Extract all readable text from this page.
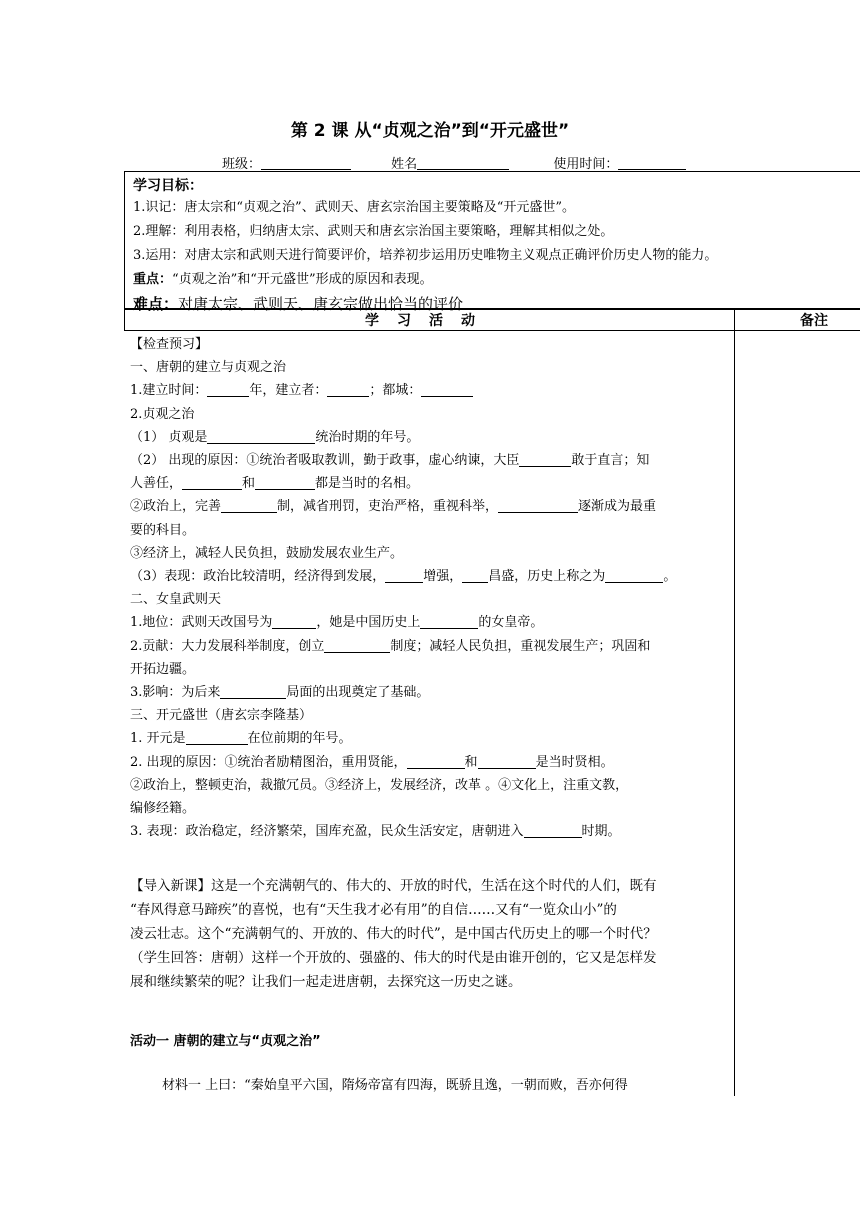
第 2 课 从“贞观之治”到“开元盛世”
班级：	姓名	使用时间：
学习目标：
1.识记：唐太宗和“贞观之治”、武则天、唐玄宗治国主要策略及“开元盛世”。
2.理解：利用表格，归纳唐太宗、武则天和唐玄宗治国主要策略，理解其相似之处。
3.运用：对唐太宗和武则天进行简要评价，培养初步运用历史唯物主义观点正确评价历史人物的能力。
重点：“贞观之治”和“开元盛世”形成的原因和表现。
难点：对唐太宗、武则天、唐玄宗做出恰当的评价
学习活动	备注

【检查预习】

一、唐朝的建立与贞观之治

1.建立时间：	年，建立者：	；都城：

2.贞观之治

（1） 贞观是	统治时期的年号。

（2） 出现的原因：①统治者吸取教训，勤于政事，虚心纳谏，大臣	敢于直言；知

人善任，	和	都是当时的名相。

②政治上，完善	制，减省刑罚，吏治严格，重视科举，	逐渐成为最重

要的科目。

③经济上，减轻人民负担，鼓励发展农业生产。

（3）表现：政治比较清明，经济得到发展，	增强， 昌盛，历史上称之为	。

二、女皇武则天

1.地位：武则天改国号为	，她是中国历史上	的女皇帝。

2.贡献：大力发展科举制度，创立	制度；减轻人民负担，重视发展生产；巩固和

开拓边疆。

3.影响：为后来	局面的出现奠定了基础。

三、开元盛世（唐玄宗李隆基）

1. 开元是	在位前期的年号。

2. 出现的原因：①统治者励精图治，重用贤能，	和	是当时贤相。

②政治上，整顿吏治，裁撤冗员。③经济上，发展经济，改革 。④文化上，注重文教，

编修经籍。

3. 表现：政治稳定，经济繁荣，国库充盈，民众生活安定，唐朝进入	时期。

【导入新课】这是一个充满朝气的、伟大的、开放的时代，生活在这个时代的人们，既有

“春风得意马蹄疾”的喜悦，也有“天生我才必有用”的自信……又有“一览众山小”的

凌云壮志。这个“充满朝气的、开放的、伟大的时代”，是中国古代历史上的哪一个时代？

（学生回答：唐朝）这样一个开放的、强盛的、伟大的时代是由谁开创的，它又是怎样发

展和继续繁荣的呢？让我们一起走进唐朝，去探究这一历史之谜。

活动一 唐朝的建立与“贞观之治”
材料一 上曰：“秦始皇平六国，隋炀帝富有四海，既骄且逸，一朝而败，吾亦何得
